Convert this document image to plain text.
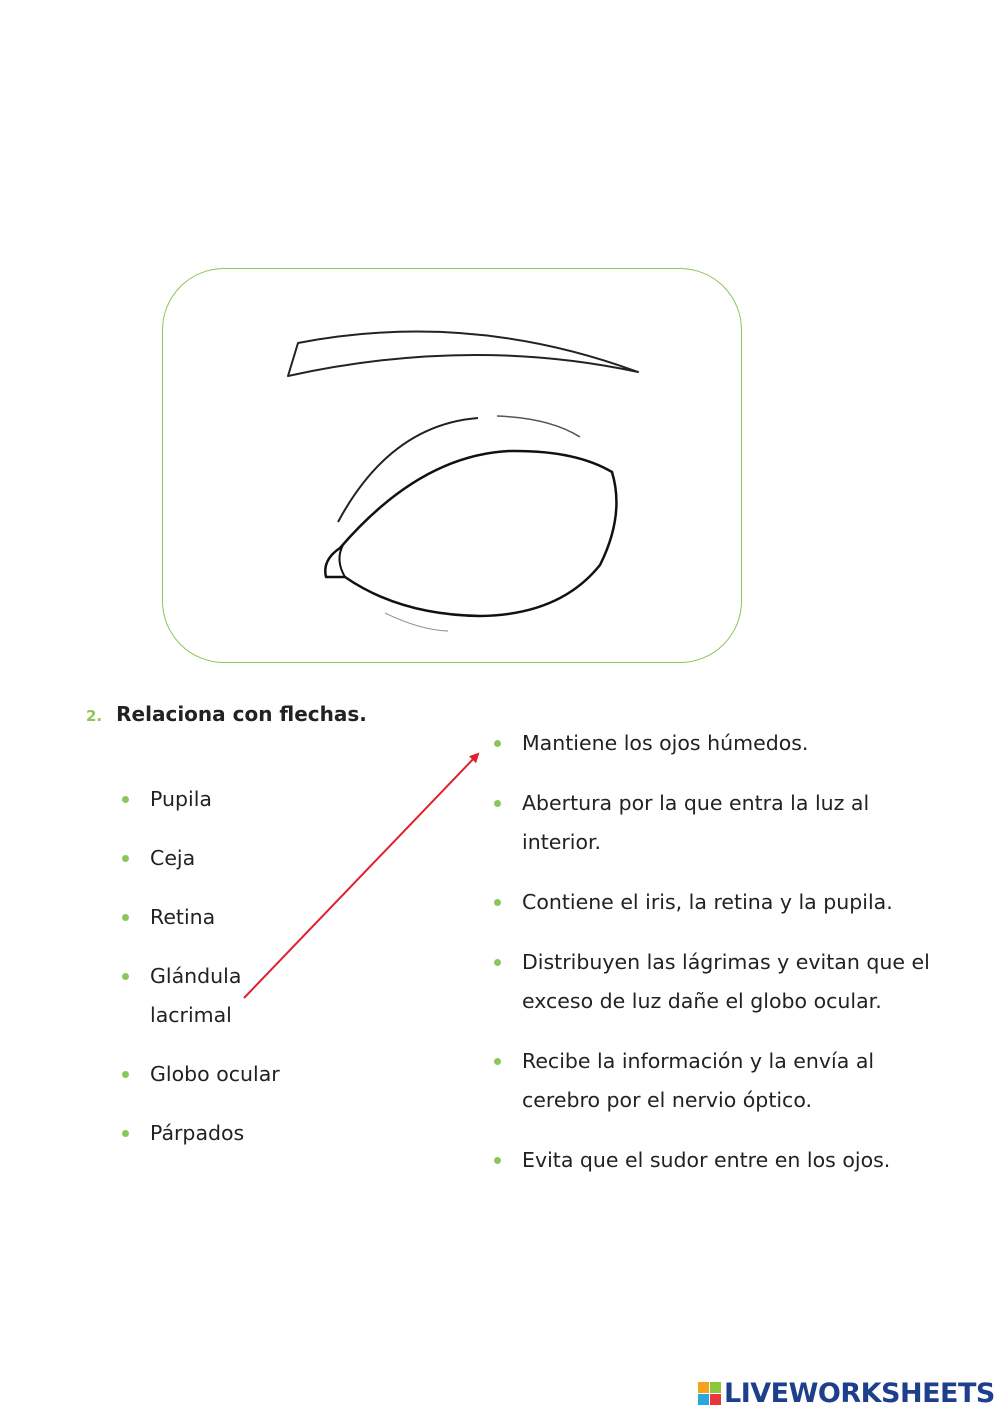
2. Relaciona con flechas.
Pupila
Ceja
Retina
Glándula lacrimal
Globo ocular
Párpados
Mantiene los ojos húmedos.
Abertura por la que entra la luz al interior.
Contiene el iris, la retina y la pupila.
Distribuyen las lágrimas y evitan que el exceso de luz dañe el globo ocular.
Recibe la información y la envía al cerebro por el nervio óptico.
Evita que el sudor entre en los ojos.
LIVEWORKSHEETS
